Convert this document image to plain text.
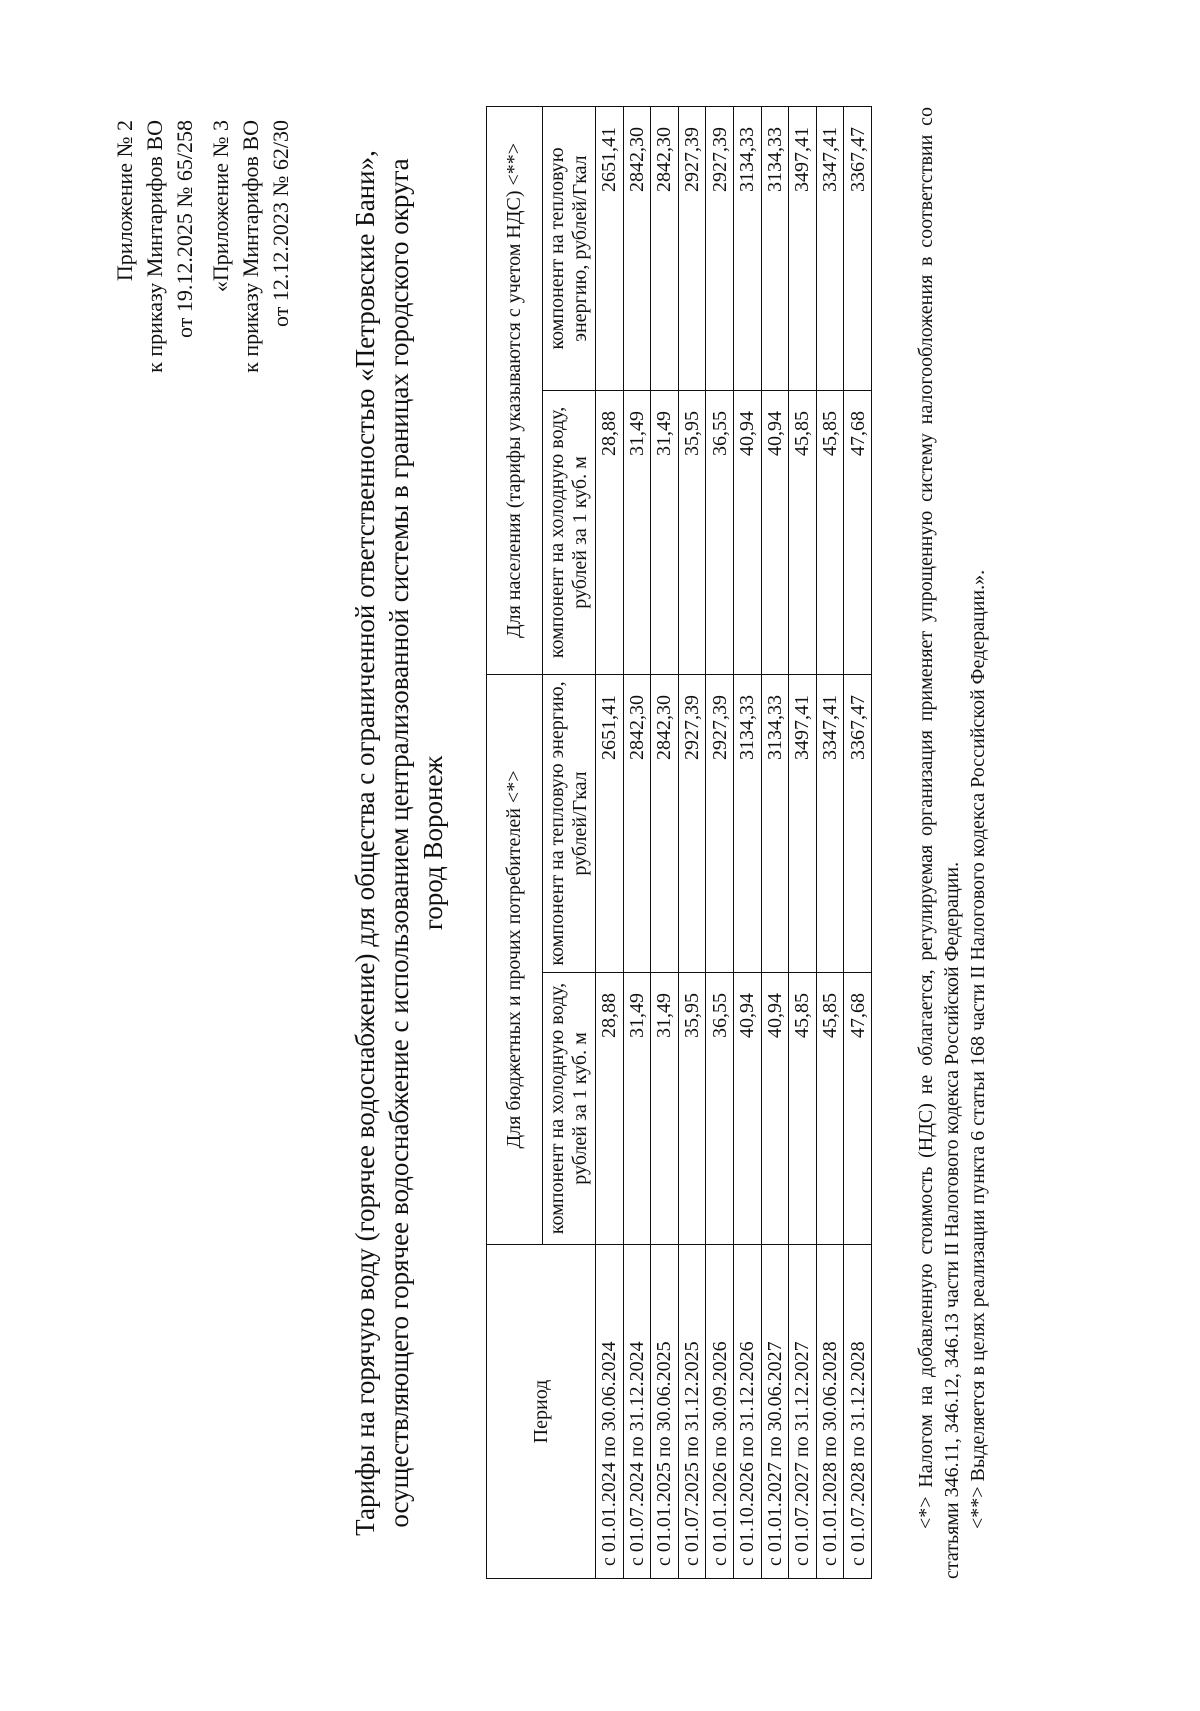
Приложение № 2 к приказу Минтарифов ВО от 19.12.2025 № 65/258 «Приложение № 3 к приказу Минтарифов ВО от 12.12.2023 № 62/30 Тарифы на горячую воду (горячее водоснабжение) для общества с ограниченной ответственностью «Петровские Бани», осуществляющего горячее водоснабжение с использованием централизованной системы в границах городского округа город Воронеж
Период	Для бюджетных и прочих потребителей <*>		Для населения (тарифы указываются с учетом НДС) <**>	
	компонент на холодную воду, рублей за 1 куб. м	компонент на тепловую энергию, рублей/Гкал	компонент на холодную воду, рублей за 1 куб. м	компонент на тепловую энергию, рублей/Гкал
с 01.01.2024 по 30.06.2024	28,88	2651,41	28,88	2651,41
с 01.07.2024 по 31.12.2024	31,49	2842,30	31,49	2842,30
с 01.01.2025 по 30.06.2025	31,49	2842,30	31,49	2842,30
с 01.07.2025 по 31.12.2025	35,95	2927,39	35,95	2927,39
с 01.01.2026 по 30.09.2026	36,55	2927,39	36,55	2927,39
с 01.10.2026 по 31.12.2026	40,94	3134,33	40,94	3134,33
с 01.01.2027 по 30.06.2027	40,94	3134,33	40,94	3134,33
с 01.07.2027 по 31.12.2027	45,85	3497,41	45,85	3497,41
с 01.01.2028 по 30.06.2028	45,85	3347,41	45,85	3347,41
с 01.07.2028 по 31.12.2028	47,68	3367,47	47,68	3367,47 <*> Налогом на добавленную стоимость (НДС) не облагается, регулируемая организация применяет упрощенную систему налогообложения в соответствии со статьями 346.11, 346.12, 346.13 части II Налогового кодекса Российской Федерации. <**> Выделяется в целях реализации пункта 6 статьи 168 части II Налогового кодекса Российской Федерации.».
